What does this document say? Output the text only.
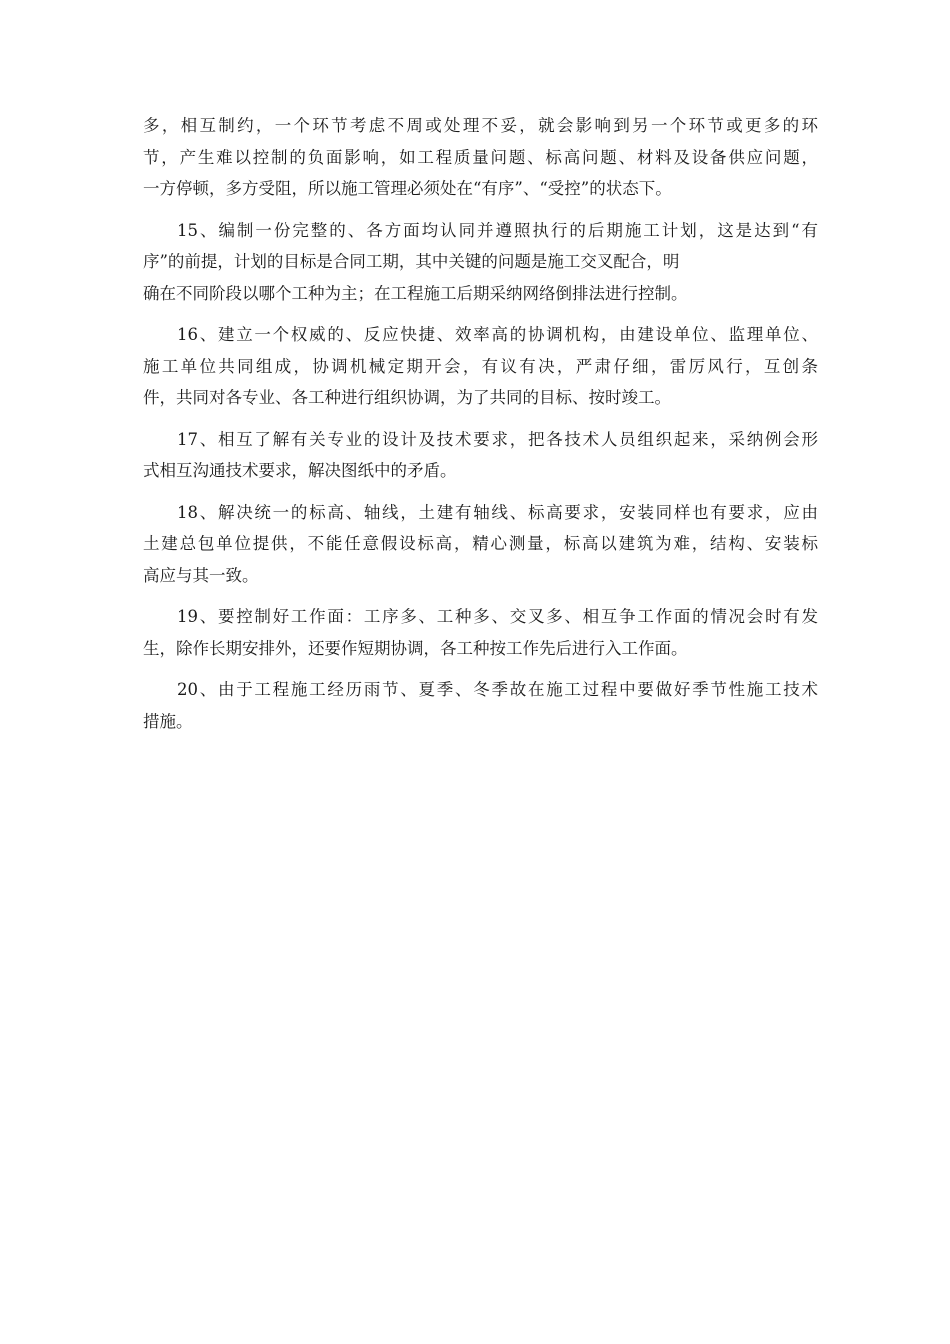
多，相互制约，一个环节考虑不周或处理不妥，就会影响到另一个环节或更多的环
节，产生难以控制的负面影响，如工程质量问题、标高问题、材料及设备供应问题，
一方停顿，多方受阻，所以施工管理必须处在“有序”、“受控”的状态下。
15、编制一份完整的、各方面均认同并遵照执行的后期施工计划，这是达到“有
序”的前提，计划的目标是合同工期，其中关键的问题是施工交叉配合，明
确在不同阶段以哪个工种为主；在工程施工后期采纳网络倒排法进行控制。
16、建立一个权威的、反应快捷、效率高的协调机构，由建设单位、监理单位、
施工单位共同组成，协调机械定期开会，有议有决，严肃仔细，雷厉风行，互创条
件，共同对各专业、各工种进行组织协调，为了共同的目标、按时竣工。
17、相互了解有关专业的设计及技术要求，把各技术人员组织起来，采纳例会形
式相互沟通技术要求，解决图纸中的矛盾。
18、解决统一的标高、轴线，土建有轴线、标高要求，安装同样也有要求，应由
土建总包单位提供，不能任意假设标高，精心测量，标高以建筑为难，结构、安装标
高应与其一致。
19、要控制好工作面：工序多、工种多、交叉多、相互争工作面的情况会时有发
生，除作长期安排外，还要作短期协调，各工种按工作先后进行入工作面。
20、由于工程施工经历雨节、夏季、冬季故在施工过程中要做好季节性施工技术
措施。
